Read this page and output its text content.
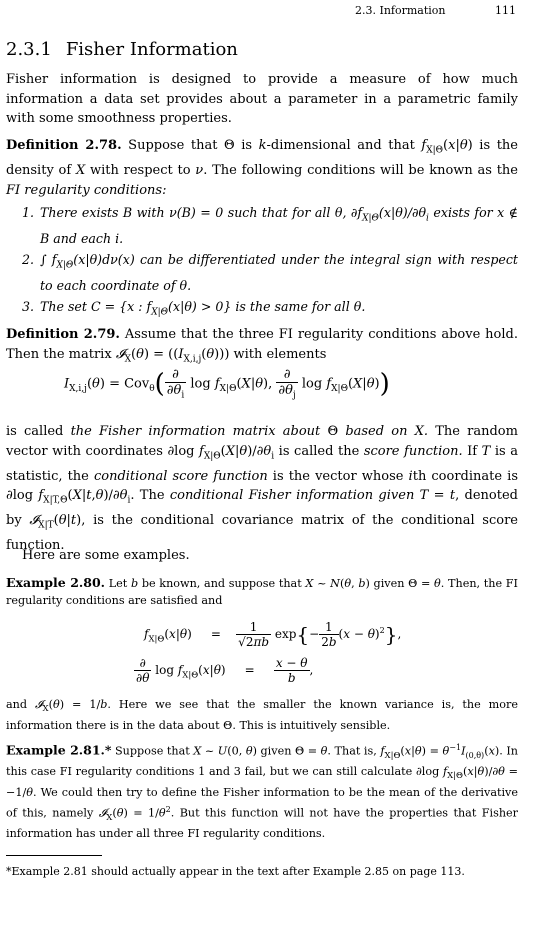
2.3. Information	111
2.3.1 Fisher Information
Fisher information is designed to provide a measure of how much information a data set provides about a parameter in a parametric family with some smoothness properties.
Definition 2.78. Suppose that Θ is k-dimensional and that $f_{X|\Theta}(x|\theta)$ is the density of X with respect to ν. The following conditions will be known as the FI regularity conditions:
1. There exists B with ν(B) = 0 such that for all θ, $\partial f_{X|\Theta}(x|\theta)/\partial\theta_i$ exists for x ∉ B and each i.
2. ∫ $f_{X|\Theta}(x|\theta)d\nu(x)$ can be differentiated under the integral sign with respect to each coordinate of θ.
3. The set C = {x : $f_{X|\Theta}(x|\theta) > 0$} is the same for all θ.
Definition 2.79. Assume that the three FI regularity conditions above hold. Then the matrix 𝓘$_X$(θ) = $((I_{X,i,j}(\theta)))$ with elements
$I_{X,i,j}(\theta) = Cov_\theta( \frac{\partial}{\partial\theta_i}$ $\log f_{X|\Theta}(X|\theta)$, $\frac{\partial}{\partial\theta_j}$ $\log f_{X|\Theta}(X|\theta)$)
is called the Fisher information matrix about Θ based on X. The random vector with coordinates ∂log $f_{X|\Theta}(X|\theta)/\partial\theta_i$ is called the score function. If T is a statistic, the conditional score function is the vector whose ith coordinate is ∂log $f_{X|T,\Theta}(X|t,\theta)/\partial\theta_i$. The conditional Fisher information given T = t, denoted by 𝓘$_{X|T}$(θ|t), is the conditional covariance matrix of the conditional score function.
Here are some examples.
Example 2.80. Let b be known, and suppose that X ~ N(θ, b) given Θ = θ. Then, the FI regularity conditions are satisfied and
$f_{X|\Theta}(x|\theta)$     = $\frac{1}{√2\pi b} \exp\{- \frac{1}{2b} (x - \theta)^2\}$,
$\frac{\partial}{\partial\theta}$ $\log f_{X|\Theta}(x|\theta)$     = $\frac{x - \theta}{b}$ ,
and 𝓘$_X$(θ) = 1/b. Here we see that the smaller the known variance is, the more information there is in the data about Θ. This is intuitively sensible.
Example 2.81.* Suppose that X ~ U(0, θ) given Θ = θ. That is, $f_{X|\Theta}(x|\theta) = \theta^{-1}I_{(0,\theta)}(x)$. In this case FI regularity conditions 1 and 3 fail, but we can still calculate ∂log $f_{X|\Theta}(x|\theta)/\partial\theta = -1/\theta$. We could then try to define the Fisher information to be the mean of the derivative of this, namely 𝓘$_X$(θ) = $1/\theta^2$. But this function will not have the properties that Fisher information has under all three FI regularity conditions.
*Example 2.81 should actually appear in the text after Example 2.85 on page 113.
